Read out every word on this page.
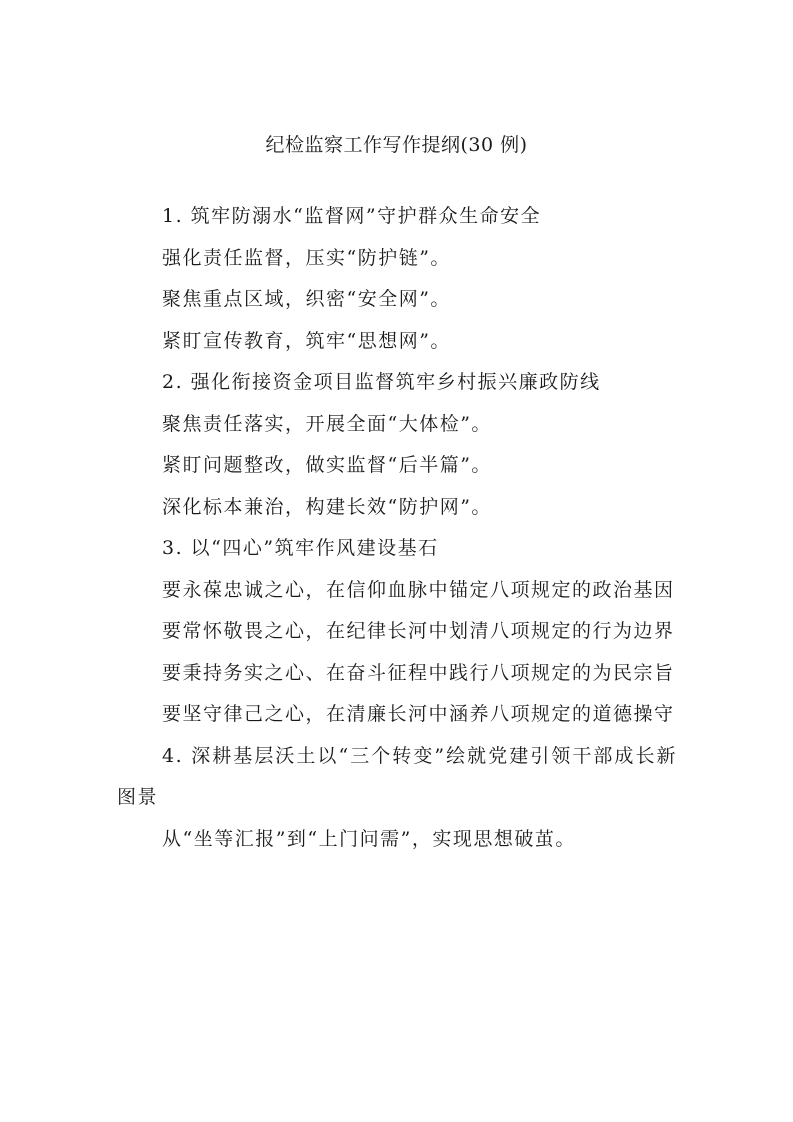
纪检监察工作写作提纲(30 例)

1. 筑牢防溺水“监督网”守护群众生命安全

强化责任监督，压实“防护链”。

聚焦重点区域，织密“安全网”。

紧盯宣传教育，筑牢“思想网”。

2. 强化衔接资金项目监督筑牢乡村振兴廉政防线

聚焦责任落实，开展全面“大体检”。

紧盯问题整改，做实监督“后半篇”。

深化标本兼治，构建长效“防护网”。

3. 以“四心”筑牢作风建设基石

要永葆忠诚之心，在信仰血脉中锚定八项规定的政治基因

要常怀敬畏之心，在纪律长河中划清八项规定的行为边界

要秉持务实之心、在奋斗征程中践行八项规定的为民宗旨

要坚守律己之心，在清廉长河中涵养八项规定的道德操守

4. 深耕基层沃土以“三个转变”绘就党建引领干部成长新图景

从“坐等汇报”到“上门问需”，实现思想破茧。
